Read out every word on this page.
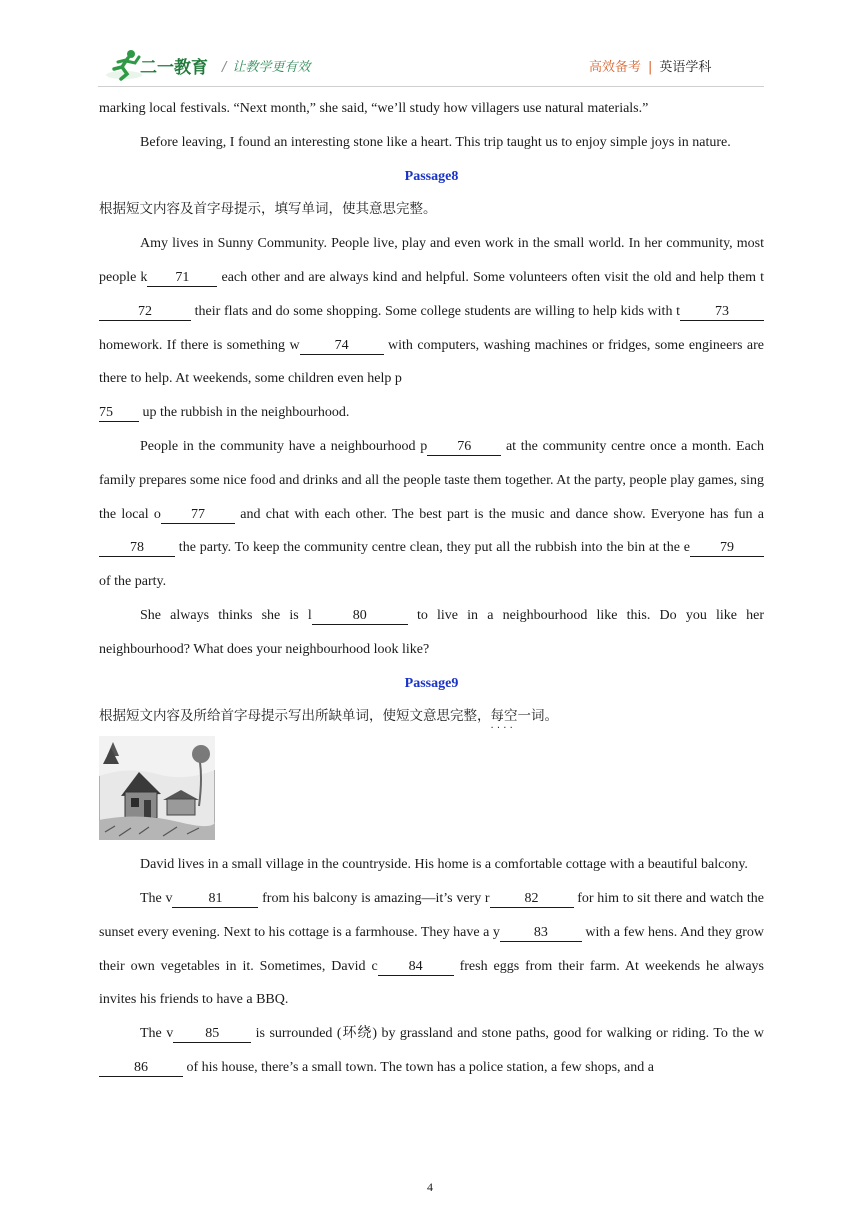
二一教育 / 让教学更有效	高效备考 | 英语学科

marking local festivals. “Next month,” she said, “we’ll study how villagers use natural materials.”

Before leaving, I found an interesting stone like a heart. This trip taught us to enjoy simple joys in nature.

Passage8

根据短文内容及首字母提示，填写单词，使其意思完整。

Amy lives in Sunny Community. People live, play and even work in the small world. In her community, most people k 71 each other and are always kind and helpful. Some volunteers often visit the old and help them t72	their flats and do some shopping. Some college students are willing to help kids with t	73 homework. If there is something w	74	with computers, washing machines or fridges, some engineers are there to help. At weekends, some children even help p
75 up the rubbish in the neighbourhood.

People in the community have a neighbourhood p 76 at the community centre once a month. Each family prepares some nice food and drinks and all the people taste them together. At the party, people play games, sing the local o 77 and chat with each other. The best part is the music and dance show. Everyone has fun a78 the party. To keep the community centre clean, they put all the rubbish into the bin at the e 79 of the party.

She always thinks she is l	80	to live in a neighbourhood like this. Do you like her neighbourhood? What does your neighbourhood look like?

Passage9

根据短文内容及所给首字母提示写出所缺单词，使短文意思完整，每空一词 · · · ·。

David lives in a small village in the countryside. His home is a comfortable cottage with a beautiful balcony.

The v	81	from his balcony is amazing—it’s very r	82	for him to sit there and watch the sunset every evening. Next to his cottage is a farmhouse. They have a y 83 with a few hens. And they grow their own vegetables in it. Sometimes, David c 84 fresh eggs from their farm. At weekends he always invites his friends to have a BBQ.

The v 85 is surrounded (环绕) by grassland and stone paths, good for walking or riding. To the w86	of his house, there’s a small town. The town has a police station, a few shops, and a

4
